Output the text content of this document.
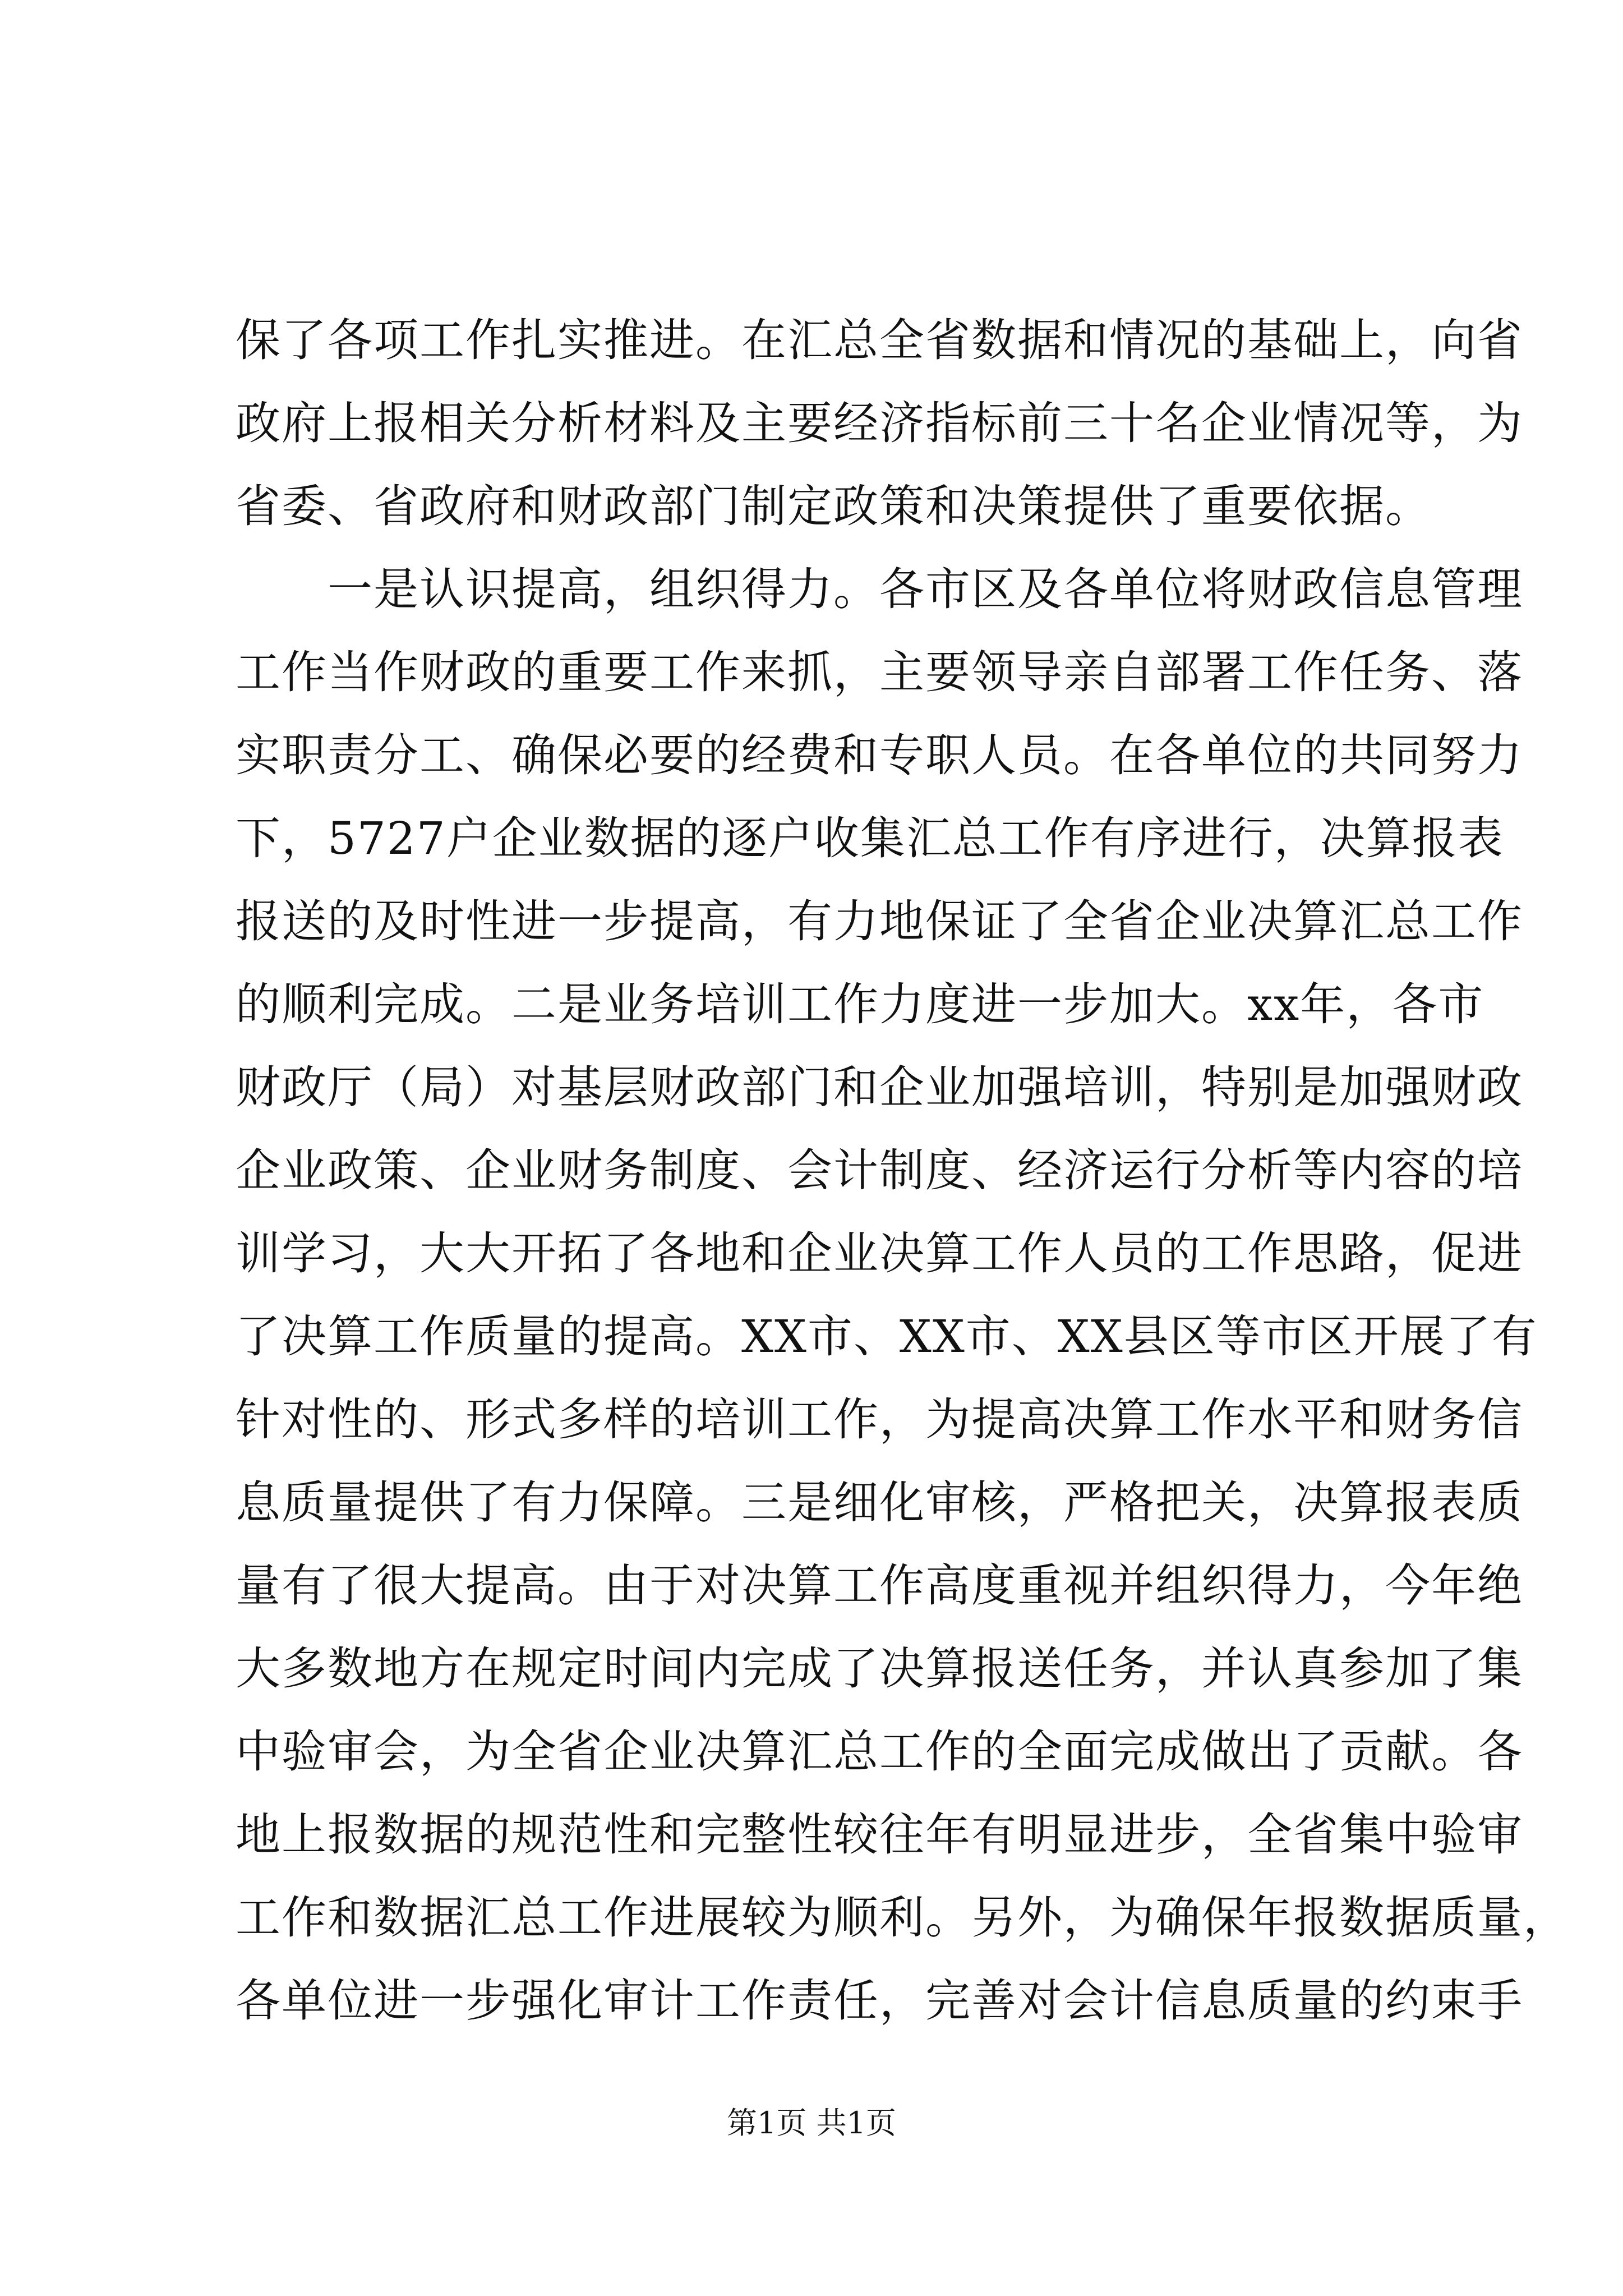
保了各项工作扎实推进。在汇总全省数据和情况的基础上，向省
政府上报相关分析材料及主要经济指标前三十名企业情况等，为
省委、省政府和财政部门制定政策和决策提供了重要依据。
　　一是认识提高，组织得力。各市区及各单位将财政信息管理
工作当作财政的重要工作来抓，主要领导亲自部署工作任务、落
实职责分工、确保必要的经费和专职人员。在各单位的共同努力
下，5727户企业数据的逐户收集汇总工作有序进行，决算报表
报送的及时性进一步提高，有力地保证了全省企业决算汇总工作
的顺利完成。二是业务培训工作力度进一步加大。xx年，各市
财政厅（局）对基层财政部门和企业加强培训，特别是加强财政
企业政策、企业财务制度、会计制度、经济运行分析等内容的培
训学习，大大开拓了各地和企业决算工作人员的工作思路，促进
了决算工作质量的提高。XX市、XX市、XX县区等市区开展了有
针对性的、形式多样的培训工作，为提高决算工作水平和财务信
息质量提供了有力保障。三是细化审核，严格把关，决算报表质
量有了很大提高。由于对决算工作高度重视并组织得力，今年绝
大多数地方在规定时间内完成了决算报送任务，并认真参加了集
中验审会，为全省企业决算汇总工作的全面完成做出了贡献。各
地上报数据的规范性和完整性较往年有明显进步，全省集中验审
工作和数据汇总工作进展较为顺利。另外，为确保年报数据质量，
各单位进一步强化审计工作责任，完善对会计信息质量的约束手
第1页 共1页
